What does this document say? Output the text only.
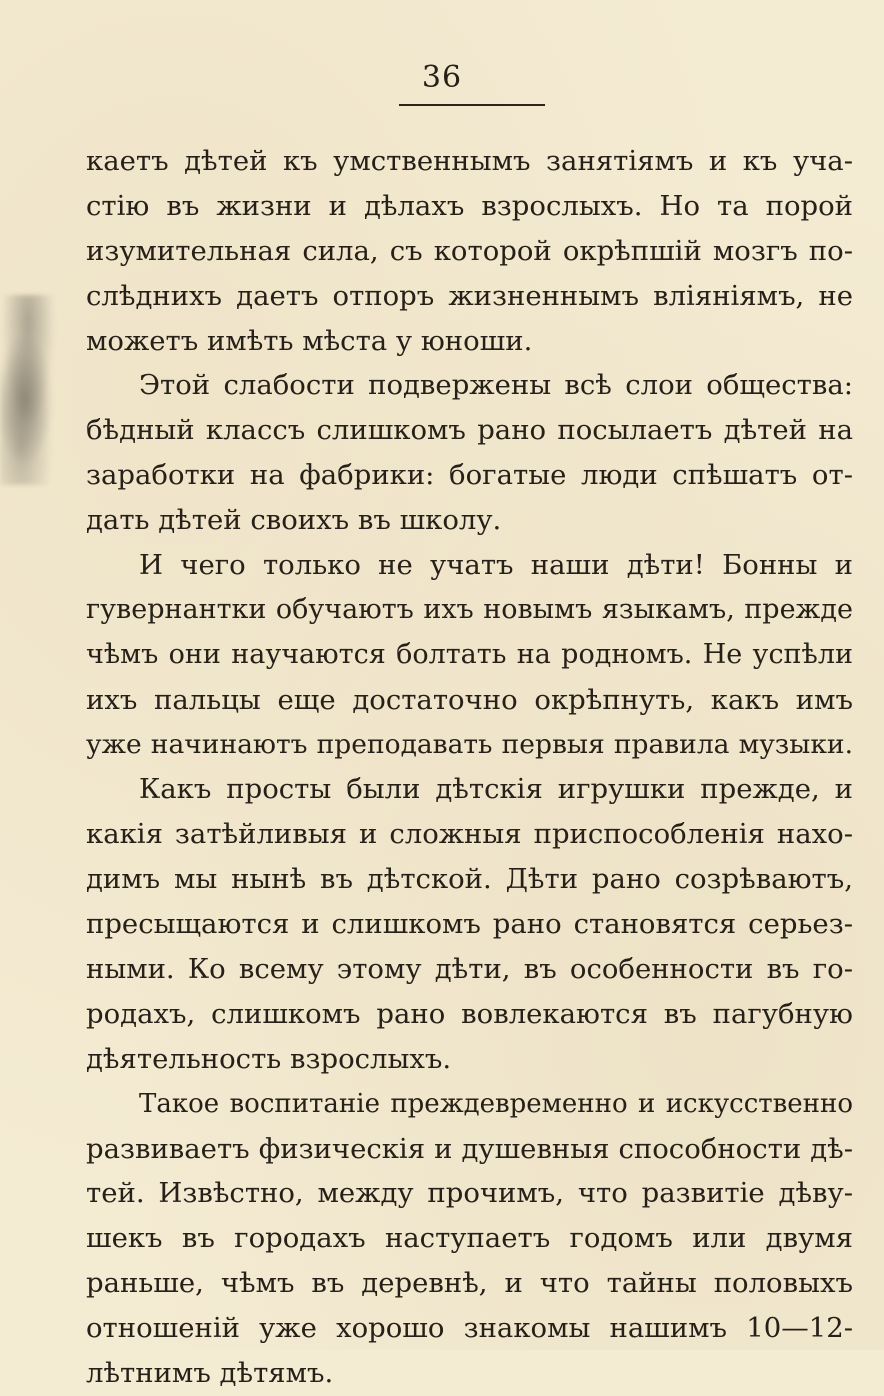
36
каетъ дѣтей къ умственнымъ занятіямъ и къ уча-
стію въ жизни и дѣлахъ взрослыхъ. Но та порой
изумительная сила, съ которой окрѣпшій мозгъ по-
слѣднихъ даетъ отпоръ жизненнымъ вліяніямъ, не
можетъ имѣть мѣста у юноши.
Этой слабости подвержены всѣ слои общества:
бѣдный классъ слишкомъ рано посылаетъ дѣтей на
заработки на фабрики: богатые люди спѣшатъ от-
дать дѣтей своихъ въ школу.
И чего только не учатъ наши дѣти! Бонны и
гувернантки обучаютъ ихъ новымъ языкамъ, прежде
чѣмъ они научаются болтать на родномъ. Не успѣли
ихъ пальцы еще достаточно окрѣпнуть, какъ имъ
уже начинаютъ преподавать первыя правила музыки.
Какъ просты были дѣтскія игрушки прежде, и
какія затѣйливыя и сложныя приспособленія нахо-
димъ мы нынѣ въ дѣтской. Дѣти рано созрѣваютъ,
пресыщаются и слишкомъ рано становятся серьез-
ными. Ко всему этому дѣти, въ особенности въ го-
родахъ, слишкомъ рано вовлекаются въ пагубную
дѣятельность взрослыхъ.
Такое воспитаніе преждевременно и искусственно
развиваетъ физическія и душевныя способности дѣ-
тей. Извѣстно, между прочимъ, что развитіе дѣву-
шекъ въ городахъ наступаетъ годомъ или двумя
раньше, чѣмъ въ деревнѣ, и что тайны половыхъ
отношеній уже хорошо знакомы нашимъ 10—12-
лѣтнимъ дѣтямъ.
